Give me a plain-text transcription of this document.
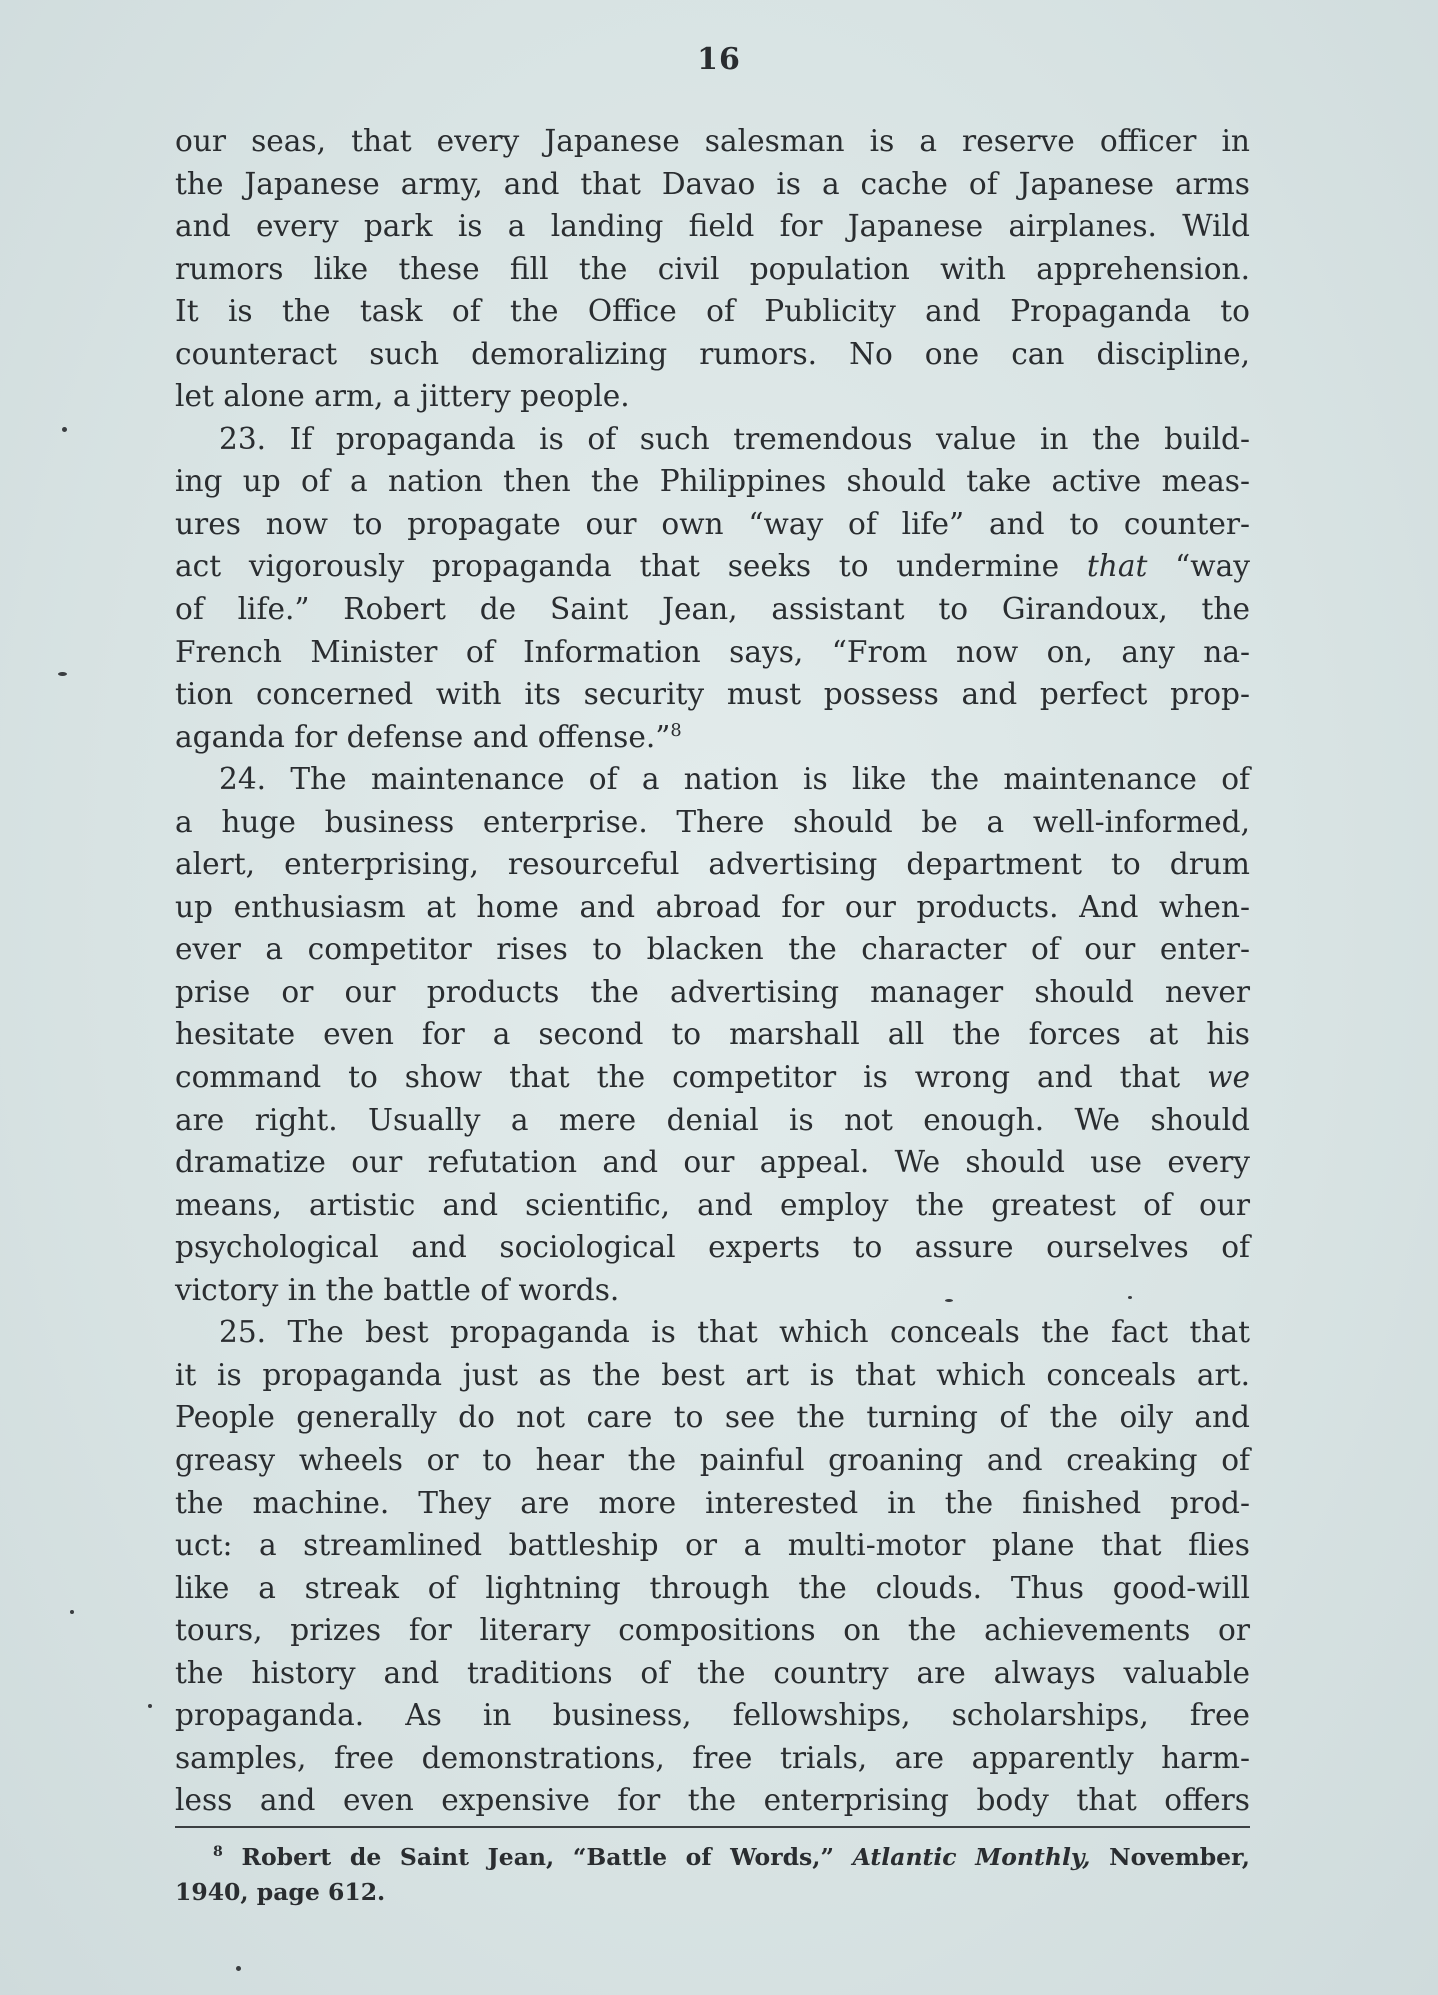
16
our seas, that every Japanese salesman is a reserve officer in
the Japanese army, and that Davao is a cache of Japanese arms
and every park is a landing field for Japanese airplanes. Wild
rumors like these fill the civil population with apprehension.
It is the task of the Office of Publicity and Propaganda to
counteract such demoralizing rumors. No one can discipline,
let alone arm, a jittery people.
23. If propaganda is of such tremendous value in the build-
ing up of a nation then the Philippines should take active meas-
ures now to propagate our own “way of life” and to counter-
act vigorously propaganda that seeks to undermine that “way
of life.” Robert de Saint Jean, assistant to Girandoux, the
French Minister of Information says, “From now on, any na-
tion concerned with its security must possess and perfect prop-
aganda for defense and offense.”$^8$
24. The maintenance of a nation is like the maintenance of
a huge business enterprise. There should be a well-informed,
alert, enterprising, resourceful advertising department to drum
up enthusiasm at home and abroad for our products. And when-
ever a competitor rises to blacken the character of our enter-
prise or our products the advertising manager should never
hesitate even for a second to marshall all the forces at his
command to show that the competitor is wrong and that we
are right. Usually a mere denial is not enough. We should
dramatize our refutation and our appeal. We should use every
means, artistic and scientific, and employ the greatest of our
psychological and sociological experts to assure ourselves of
victory in the battle of words.
25. The best propaganda is that which conceals the fact that
it is propaganda just as the best art is that which conceals art.
People generally do not care to see the turning of the oily and
greasy wheels or to hear the painful groaning and creaking of
the machine. They are more interested in the finished prod-
uct: a streamlined battleship or a multi-motor plane that flies
like a streak of lightning through the clouds. Thus good-will
tours, prizes for literary compositions on the achievements or
the history and traditions of the country are always valuable
propaganda. As in business, fellowships, scholarships, free
samples, free demonstrations, free trials, are apparently harm-
less and even expensive for the enterprising body that offers
$^8$ Robert de Saint Jean, “Battle of Words,” Atlantic Monthly, November,
1940, page 612.
